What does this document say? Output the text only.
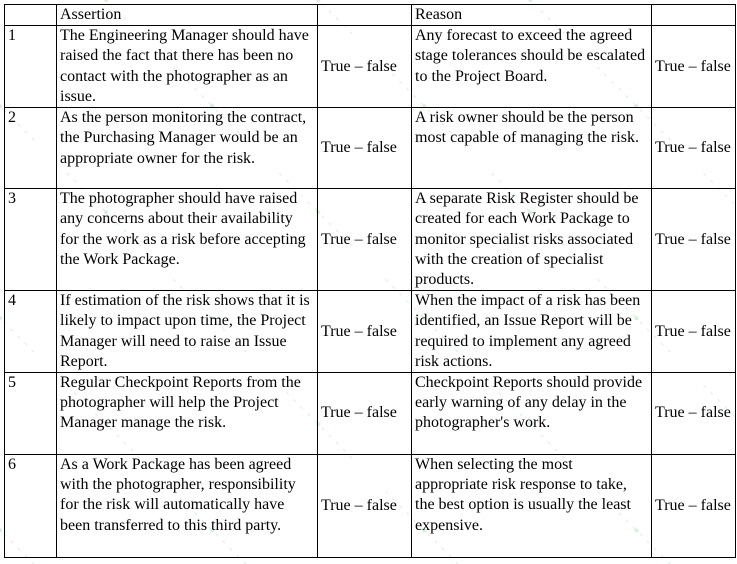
	Assertion		Reason	
1	The Engineering Manager should have raised the fact that there has been no contact with the photographer as an issue.	True – false	Any forecast to exceed the agreed stage tolerances should be escalated to the Project Board.	True – false
2	As the person monitoring the contract, the Purchasing Manager would be an appropriate owner for the risk.	True – false	A risk owner should be the person most capable of managing the risk.	True – false
3	The photographer should have raised any concerns about their availability for the work as a risk before accepting the Work Package.	True – false	A separate Risk Register should be created for each Work Package to monitor specialist risks associated with the creation of specialist products.	True – false
4	If estimation of the risk shows that it is likely to impact upon time, the Project Manager will need to raise an Issue Report.	True – false	When the impact of a risk has been identified, an Issue Report will be required to implement any agreed risk actions.	True – false
5	Regular Checkpoint Reports from the photographer will help the Project Manager manage the risk.	True – false	Checkpoint Reports should provide early warning of any delay in the photographer's work.	True – false
6	As a Work Package has been agreed with the photographer, responsibility for the risk will automatically have been transferred to this third party.	True – false	When selecting the most appropriate risk response to take, the best option is usually the least expensive.	True – false
